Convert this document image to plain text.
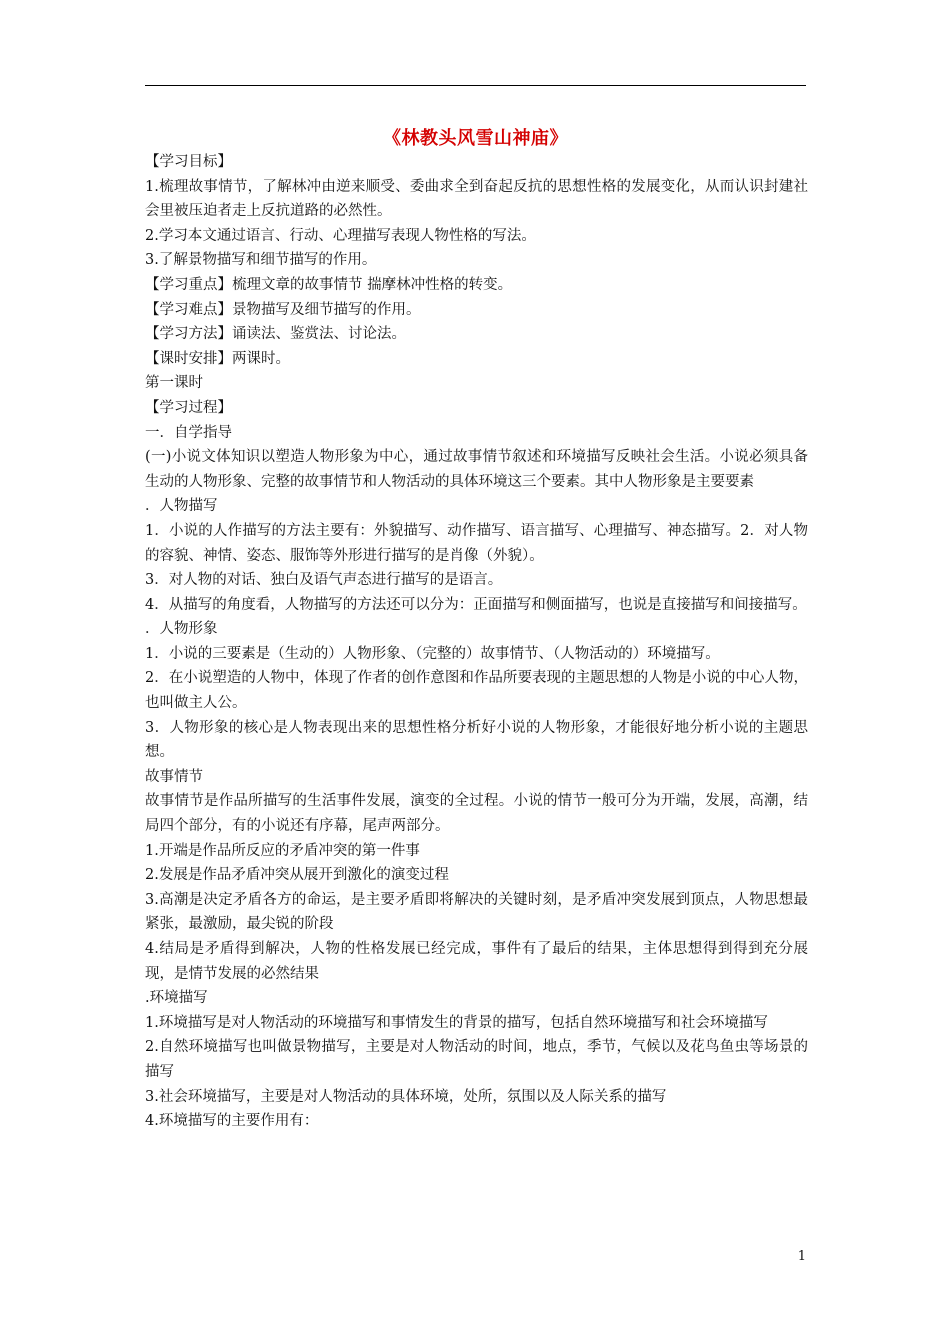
《林教头风雪山神庙》

【学习目标】

1.梳理故事情节，了解林冲由逆来顺受、委曲求全到奋起反抗的思想性格的发展变化，从而认识封建社会里被压迫者走上反抗道路的必然性。

2.学习本文通过语言、行动、心理描写表现人物性格的写法。

3.了解景物描写和细节描写的作用。

【学习重点】梳理文章的故事情节 揣摩林冲性格的转变。

【学习难点】景物描写及细节描写的作用。

【学习方法】诵读法、鉴赏法、讨论法。

【课时安排】两课时。

第一课时

【学习过程】

一．自学指导

(一)小说文体知识以塑造人物形象为中心，通过故事情节叙述和环境描写反映社会生活。小说必须具备生动的人物形象、完整的故事情节和人物活动的具体环境这三个要素。其中人物形象是主要要素

．人物描写

1．小说的人作描写的方法主要有：外貌描写、动作描写、语言描写、心理描写、神态描写。2．对人物的容貌、神情、姿态、服饰等外形进行描写的是肖像（外貌）。

3．对人物的对话、独白及语气声态进行描写的是语言。

4．从描写的角度看，人物描写的方法还可以分为：正面描写和侧面描写，也说是直接描写和间接描写。

．人物形象

1．小说的三要素是（生动的）人物形象、（完整的）故事情节、（人物活动的）环境描写。

2．在小说塑造的人物中，体现了作者的创作意图和作品所要表现的主题思想的人物是小说的中心人物，也叫做主人公。

3．人物形象的核心是人物表现出来的思想性格分析好小说的人物形象，才能很好地分析小说的主题思想。

故事情节

故事情节是作品所描写的生活事件发展，演变的全过程。小说的情节一般可分为开端，发展，高潮，结局四个部分，有的小说还有序幕，尾声两部分。

1.开端是作品所反应的矛盾冲突的第一件事

2.发展是作品矛盾冲突从展开到激化的演变过程

3.高潮是决定矛盾各方的命运，是主要矛盾即将解决的关键时刻，是矛盾冲突发展到顶点，人物思想最紧张，最激励，最尖锐的阶段

4.结局是矛盾得到解决，人物的性格发展已经完成，事件有了最后的结果，主体思想得到得到充分展现，是情节发展的必然结果

.环境描写

1.环境描写是对人物活动的环境描写和事情发生的背景的描写，包括自然环境描写和社会环境描写

2.自然环境描写也叫做景物描写，主要是对人物活动的时间，地点，季节，气候以及花鸟鱼虫等场景的描写

3.社会环境描写，主要是对人物活动的具体环境，处所，氛围以及人际关系的描写

4.环境描写的主要作用有：

1
